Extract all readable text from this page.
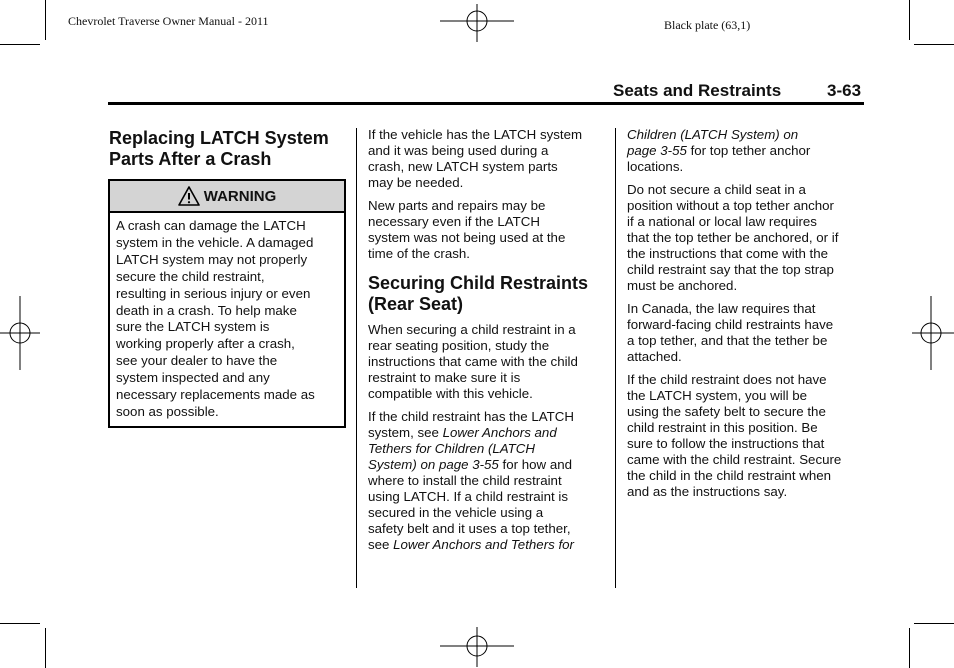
Chevrolet Traverse Owner Manual - 2011	Black plate (63,1)
Seats and Restraints	3-63
Replacing LATCH System
Parts After a Crash
WARNING
A crash can damage the LATCH
system in the vehicle. A damaged
LATCH system may not properly
secure the child restraint,
resulting in serious injury or even
death in a crash. To help make
sure the LATCH system is
working properly after a crash,
see your dealer to have the
system inspected and any
necessary replacements made as
soon as possible.

If the vehicle has the LATCH system
and it was being used during a
crash, new LATCH system parts
may be needed.

New parts and repairs may be
necessary even if the LATCH
system was not being used at the
time of the crash.

Securing Child Restraints
(Rear Seat)

When securing a child restraint in a
rear seating position, study the
instructions that came with the child
restraint to make sure it is
compatible with this vehicle.

If the child restraint has the LATCH
system, see Lower Anchors and
Tethers for Children (LATCH
System) on page 3-55 for how and
where to install the child restraint
using LATCH. If a child restraint is
secured in the vehicle using a
safety belt and it uses a top tether,
see Lower Anchors and Tethers for

Children (LATCH System) on
page 3-55 for top tether anchor
locations.

Do not secure a child seat in a
position without a top tether anchor
if a national or local law requires
that the top tether be anchored, or if
the instructions that come with the
child restraint say that the top strap
must be anchored.

In Canada, the law requires that
forward-facing child restraints have
a top tether, and that the tether be
attached.

If the child restraint does not have
the LATCH system, you will be
using the safety belt to secure the
child restraint in this position. Be
sure to follow the instructions that
came with the child restraint. Secure
the child in the child restraint when
and as the instructions say.
